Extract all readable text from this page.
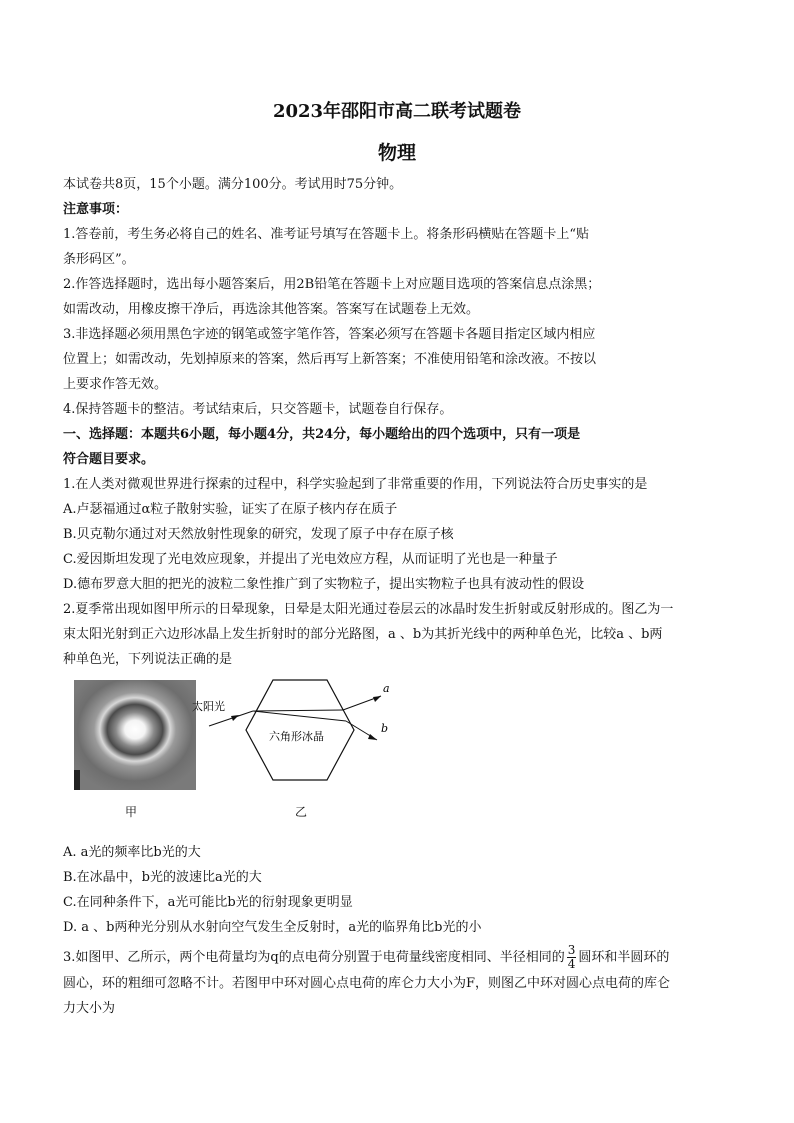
2023年邵阳市高二联考试题卷
物理

本试卷共8页，15个小题。满分100分。考试用时75分钟。

注意事项：

1.答卷前，考生务必将自己的姓名、准考证号填写在答题卡上。将条形码横贴在答题卡上“贴

条形码区”。

2.作答选择题时，选出每小题答案后，用2B铅笔在答题卡上对应题目选项的答案信息点涂黑；

如需改动，用橡皮擦干净后，再选涂其他答案。答案写在试题卷上无效。

3.非选择题必须用黑色字迹的钢笔或签字笔作答，答案必须写在答题卡各题目指定区域内相应

位置上；如需改动，先划掉原来的答案，然后再写上新答案；不准使用铅笔和涂改液。不按以

上要求作答无效。

4.保持答题卡的整洁。考试结束后，只交答题卡，试题卷自行保存。

一、选择题：本题共6小题，每小题4分，共24分，每小题给出的四个选项中，只有一项是

符合题目要求。

1.在人类对微观世界进行探索的过程中，科学实验起到了非常重要的作用，下列说法符合历史事实的是

A.卢瑟福通过α粒子散射实验，证实了在原子核内存在质子

B.贝克勒尔通过对天然放射性现象的研究，发现了原子中存在原子核

C.爱因斯坦发现了光电效应现象，并提出了光电效应方程，从而证明了光也是一种量子

D.德布罗意大胆的把光的波粒二象性推广到了实物粒子，提出实物粒子也具有波动性的假设

2.夏季常出现如图甲所示的日晕现象，日晕是太阳光通过卷层云的冰晶时发生折射或反射形成的。图乙为一

束太阳光射到正六边形冰晶上发生折射时的部分光路图，a 、b为其折光线中的两种单色光，比较a 、b两

种单色光，下列说法正确的是

甲
太阳光
六角形冰晶
a
b
乙

A. a光的频率比b光的大

B.在冰晶中，b光的波速比a光的大

C.在同种条件下，a光可能比b光的衍射现象更明显

D. a 、b两种光分别从水射向空气发生全反射时，a光的临界角比b光的小

3.如图甲、乙所示，两个电荷量均为q的点电荷分别置于电荷量线密度相同、半径相同的 $\frac{3}{4}$ 圆环和半圆环的

圆心，环的粗细可忽略不计。若图甲中环对圆心点电荷的库仑力大小为F，则图乙中环对圆心点电荷的库仑

力大小为
